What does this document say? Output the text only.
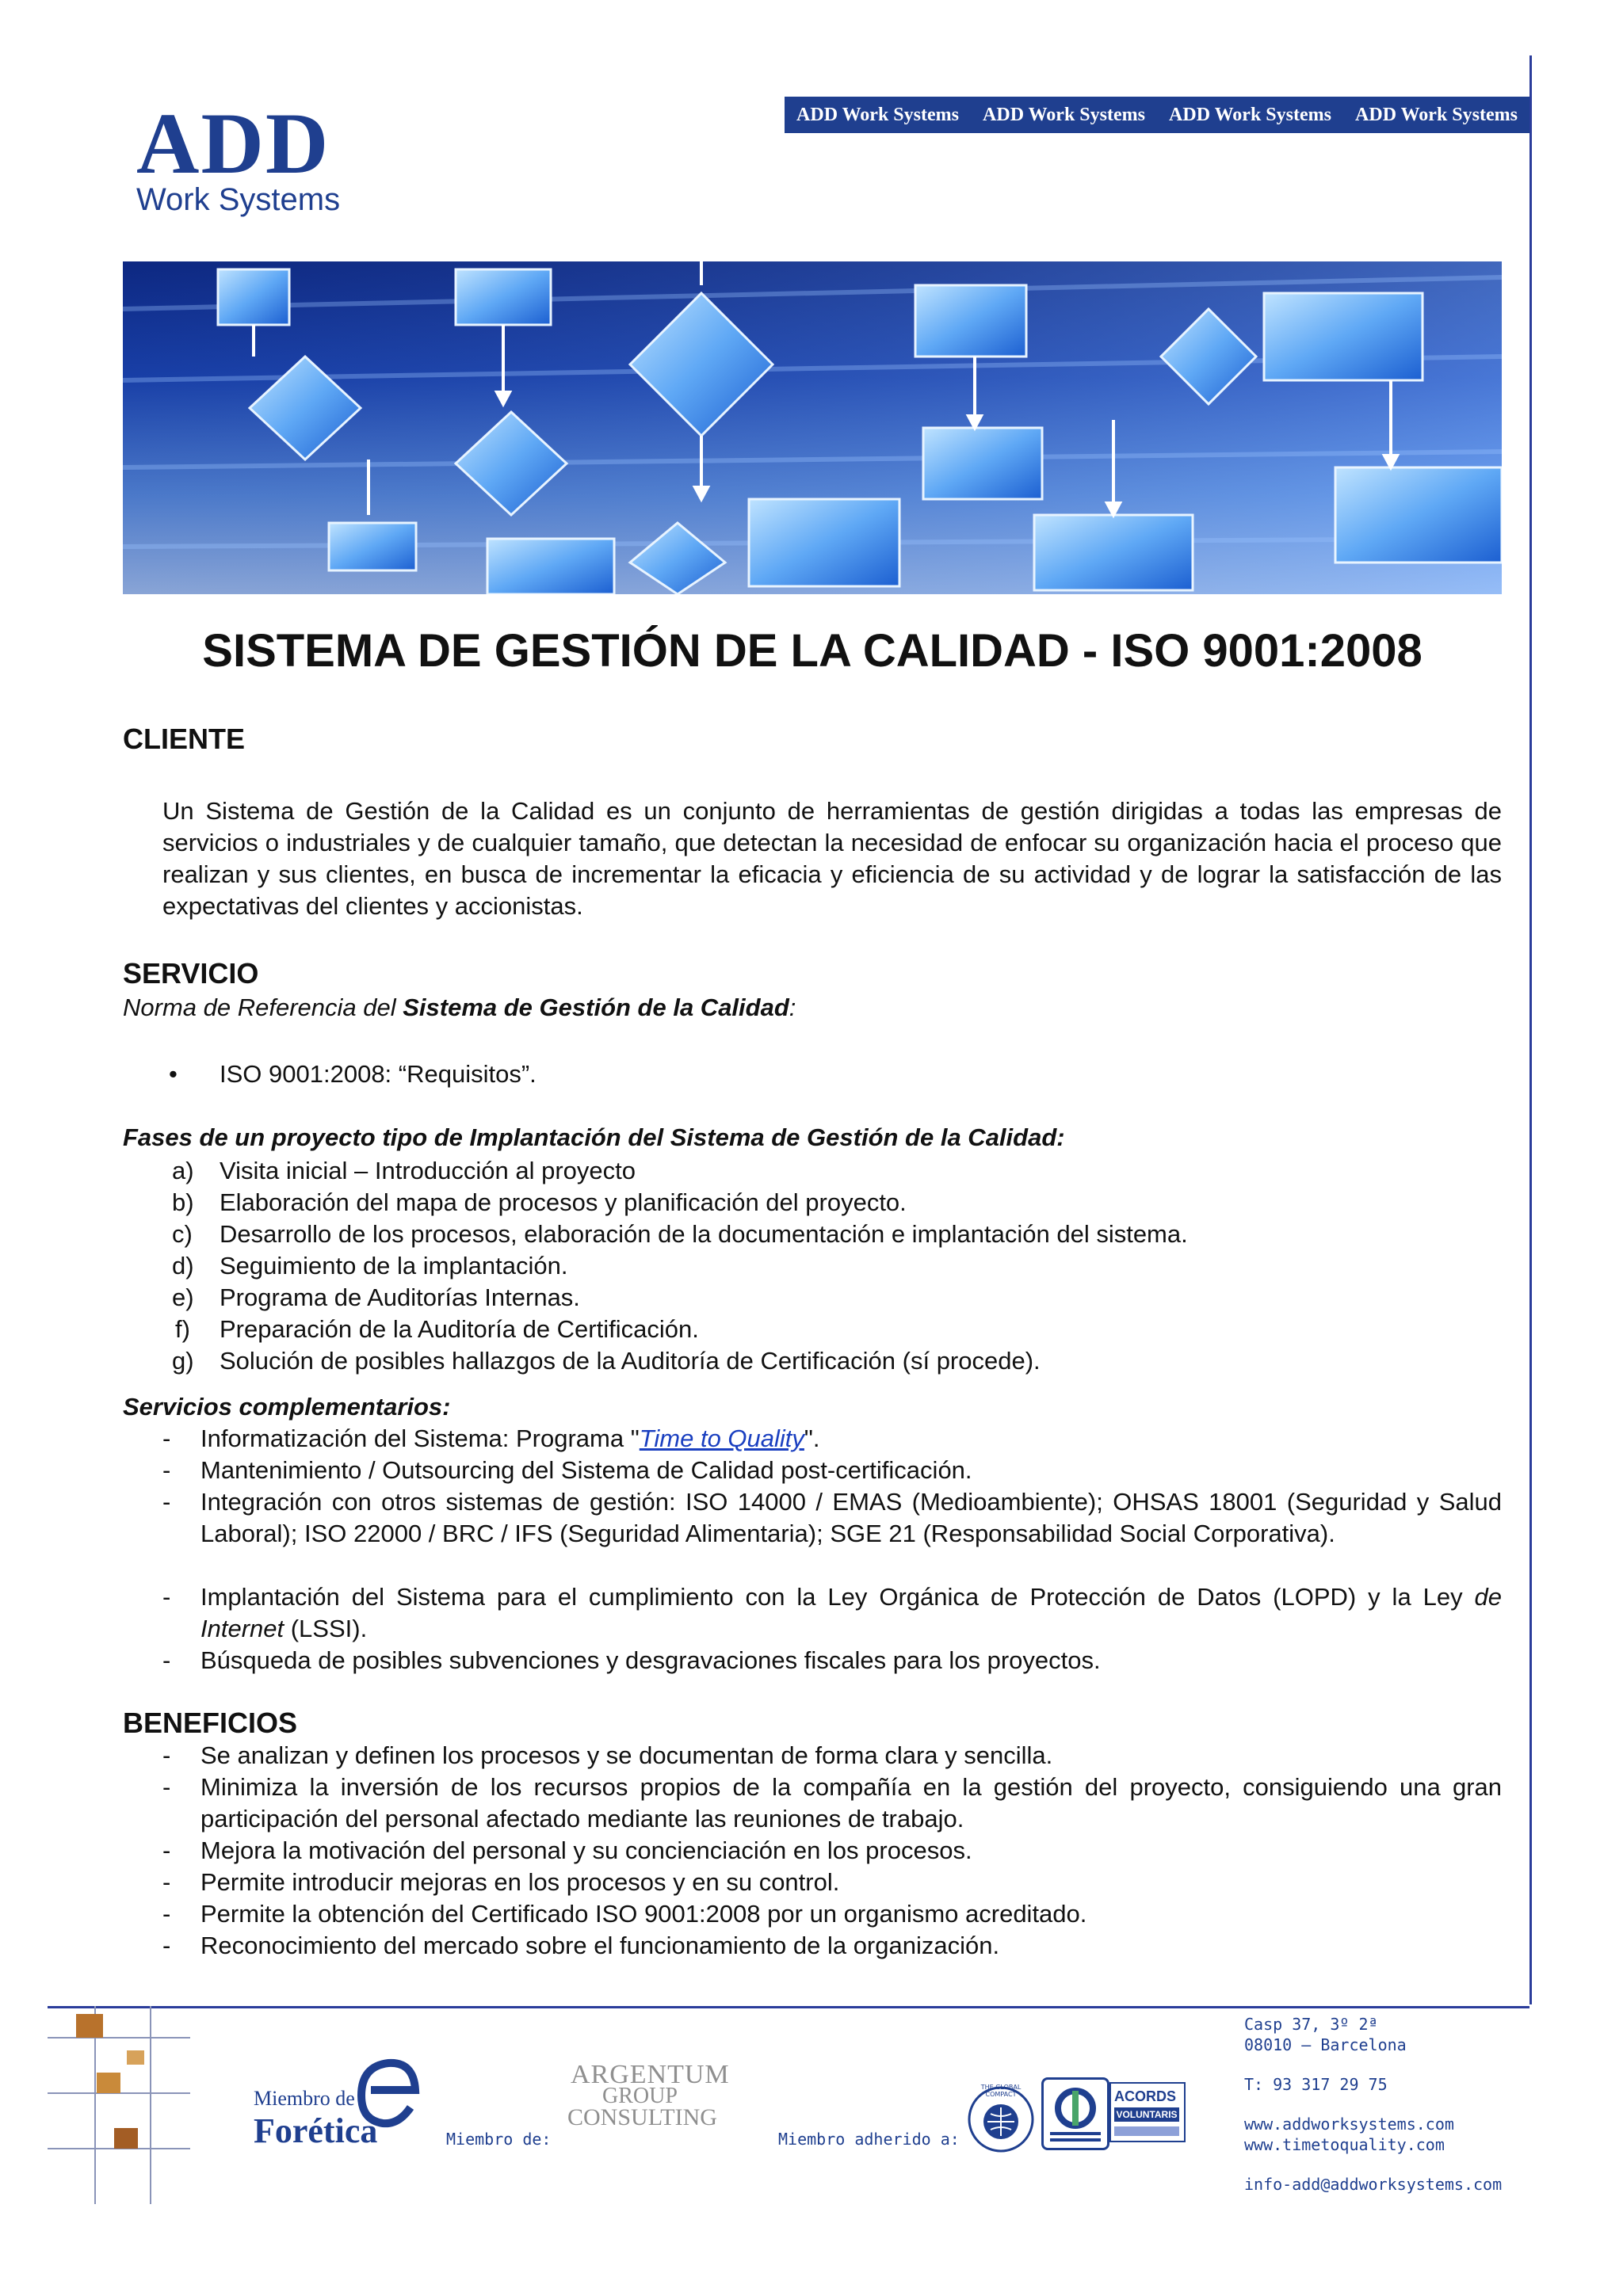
ADD
Work Systems
ADD Work Systems ADD Work Systems ADD Work Systems ADD Work Systems
SISTEMA DE GESTIÓN DE LA CALIDAD - ISO 9001:2008
CLIENTE
Un Sistema de Gestión de la Calidad es un conjunto de herramientas de gestión dirigidas a todas las empresas de servicios o industriales y de cualquier tamaño, que detectan la necesidad de enfocar su organización hacia el proceso que realizan y sus clientes, en busca de incrementar la eficacia y eficiencia de su actividad y de lograr la satisfacción de las expectativas del clientes y accionistas.
SERVICIO
Norma de Referencia del Sistema de Gestión de la Calidad:
• ISO 9001:2008: “Requisitos”.
Fases de un proyecto tipo de Implantación del Sistema de Gestión de la Calidad:
a) Visita inicial – Introducción al proyecto
b) Elaboración del mapa de procesos y planificación del proyecto.
c) Desarrollo de los procesos, elaboración de la documentación e implantación del sistema.
d) Seguimiento de la implantación.
e) Programa de Auditorías Internas.
f) Preparación de la Auditoría de Certificación.
g) Solución de posibles hallazgos de la Auditoría de Certificación (sí procede).
Servicios complementarios:
- Informatización del Sistema: Programa "Time to Quality".
- Mantenimiento / Outsourcing del Sistema de Calidad post-certificación.
- Integración con otros sistemas de gestión: ISO 14000 / EMAS (Medioambiente); OHSAS 18001 (Seguridad y Salud Laboral); ISO 22000 / BRC / IFS (Seguridad Alimentaria); SGE 21 (Responsabilidad Social Corporativa).
- Implantación del Sistema para el cumplimiento con la Ley Orgánica de Protección de Datos (LOPD) y la Ley de Internet (LSSI).
- Búsqueda de posibles subvenciones y desgravaciones fiscales para los proyectos.
BENEFICIOS
- Se analizan y definen los procesos y se documentan de forma clara y sencilla.
- Minimiza la inversión de los recursos propios de la compañía en la gestión del proyecto, consiguiendo una gran participación del personal afectado mediante las reuniones de trabajo.
- Mejora la motivación del personal y su concienciación en los procesos.
- Permite introducir mejoras en los procesos y en su control.
- Permite la obtención del Certificado ISO 9001:2008 por un organismo acreditado.
- Reconocimiento del mercado sobre el funcionamiento de la organización.
Miembro de
Forética	Miembro de:
ARGENTUM
GROUP
CONSULTING
Miembro adherido a:
THE GLOBAL COMPACT	ACORDS
VOLUNTARIS
Casp 37, 3º 2ª
08010 – Barcelona
T: 93 317 29 75
www.addworksystems.com
www.timetoquality.com
info-add@addworksystems.com
